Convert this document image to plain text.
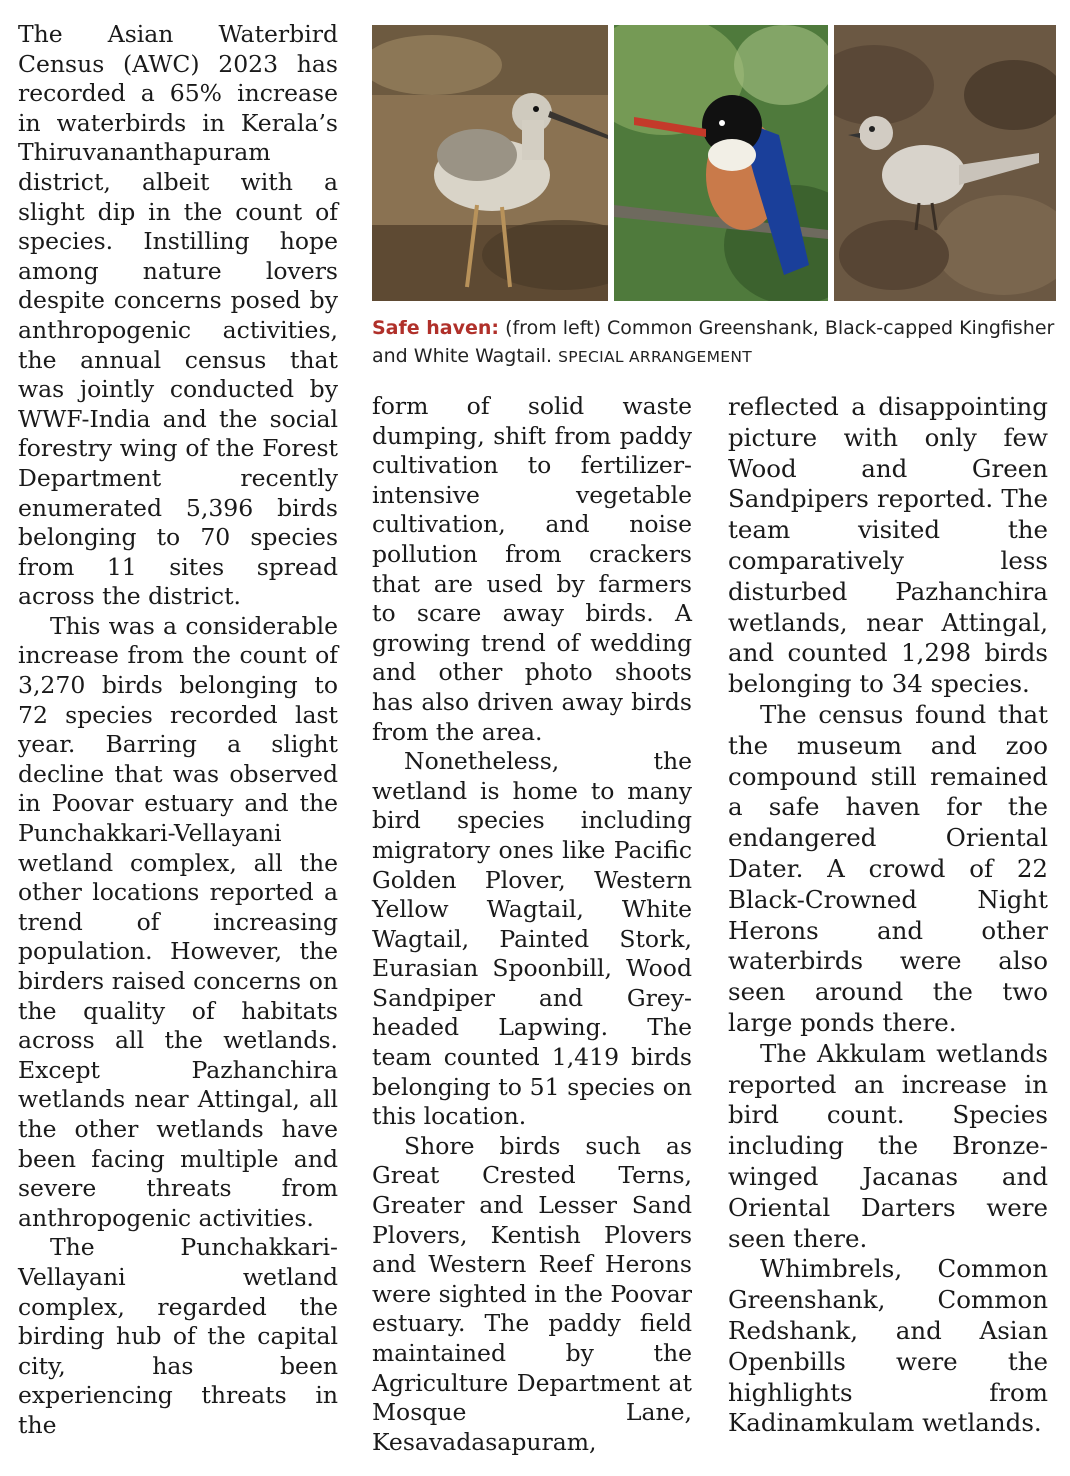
The Asian Waterbird Census (AWC) 2023 has recorded a 65% increase in waterbirds in Kerala’s Thiruvananthapuram district, albeit with a slight dip in the count of species. Instilling hope among nature lovers despite concerns posed by anthropogenic activities, the annual census that was jointly conducted by WWF-India and the social forestry wing of the Forest Department recently enumerated 5,396 birds belonging to 70 species from 11 sites spread across the district.

This was a considerable increase from the count of 3,270 birds belonging to 72 species recorded last year. Barring a slight decline that was observed in Poovar estuary and the Punchakkari-Vellayani wetland complex, all the other locations reported a trend of increasing population. However, the birders raised concerns on the quality of habitats across all the wetlands. Except Pazhanchira wetlands near Attingal, all the other wetlands have been facing multiple and severe threats from anthropogenic activities.

The Punchakkari-Vellayani wetland complex, regarded the birding hub of the capital city, has been experiencing threats in the

Safe haven: (from left) Common Greenshank, Black-capped Kingfisher and White Wagtail. SPECIAL ARRANGEMENT

form of solid waste dumping, shift from paddy cultivation to fertilizer-intensive vegetable cultivation, and noise pollution from crackers that are used by farmers to scare away birds. A growing trend of wedding and other photo shoots has also driven away birds from the area.

Nonetheless, the wetland is home to many bird species including migratory ones like Pacific Golden Plover, Western Yellow Wagtail, White Wagtail, Painted Stork, Eurasian Spoonbill, Wood Sandpiper and Grey-headed Lapwing. The team counted 1,419 birds belonging to 51 species on this location.

Shore birds such as Great Crested Terns, Greater and Lesser Sand Plovers, Kentish Plovers and Western Reef Herons were sighted in the Poovar estuary. The paddy field maintained by the Agriculture Department at Mosque Lane, Kesavadasapuram,

reflected a disappointing picture with only few Wood and Green Sandpipers reported. The team visited the comparatively less disturbed Pazhanchira wetlands, near Attingal, and counted 1,298 birds belonging to 34 species.

The census found that the museum and zoo compound still remained a safe haven for the endangered Oriental Dater. A crowd of 22 Black-Crowned Night Herons and other waterbirds were also seen around the two large ponds there.

The Akkulam wetlands reported an increase in bird count. Species including the Bronze-winged Jacanas and Oriental Darters were seen there.

Whimbrels, Common Greenshank, Common Redshank, and Asian Openbills were the highlights from Kadinamkulam wetlands.
